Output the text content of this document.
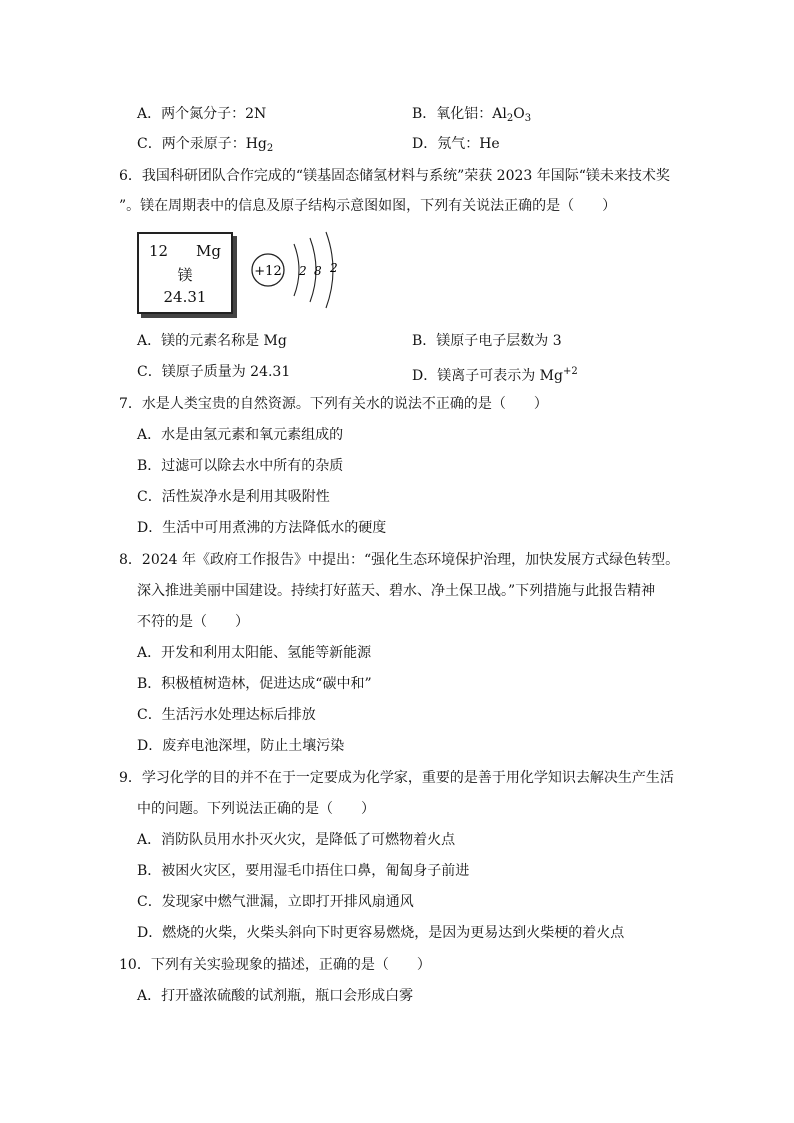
A．两个氮分子：2N	B．氧化铝：$Al_2O_3$
C．两个汞原子：$Hg_2$	D．氖气：He
6．我国科研团队合作完成的“镁基固态储氢材料与系统”荣获 2023 年国际“镁未来技术奖
”。镁在周期表中的信息及原子结构示意图如图，下列有关说法正确的是（　　）
12 Mg
镁
24.31
+12 2 8 2
A．镁的元素名称是 Mg	B．镁原子电子层数为 3
C．镁原子质量为 24.31	D．镁离子可表示为 $Mg^{+2}$
7．水是人类宝贵的自然资源。下列有关水的说法不正确的是（　　）
A．水是由氢元素和氧元素组成的
B．过滤可以除去水中所有的杂质
C．活性炭净水是利用其吸附性
D．生活中可用煮沸的方法降低水的硬度
8．2024 年《政府工作报告》中提出：“强化生态环境保护治理，加快发展方式绿色转型。
深入推进美丽中国建设。持续打好蓝天、碧水、净土保卫战。”下列措施与此报告精神
不符的是（　　）
A．开发和利用太阳能、氢能等新能源
B．积极植树造林，促进达成“碳中和”
C．生活污水处理达标后排放
D．废弃电池深埋，防止土壤污染
9．学习化学的目的并不在于一定要成为化学家，重要的是善于用化学知识去解决生产生活
中的问题。下列说法正确的是（　　）
A．消防队员用水扑灭火灾，是降低了可燃物着火点
B．被困火灾区，要用湿毛巾捂住口鼻，匍匐身子前进
C．发现家中燃气泄漏，立即打开排风扇通风
D．燃烧的火柴，火柴头斜向下时更容易燃烧，是因为更易达到火柴梗的着火点
10．下列有关实验现象的描述，正确的是（　　）
A．打开盛浓硫酸的试剂瓶，瓶口会形成白雾
